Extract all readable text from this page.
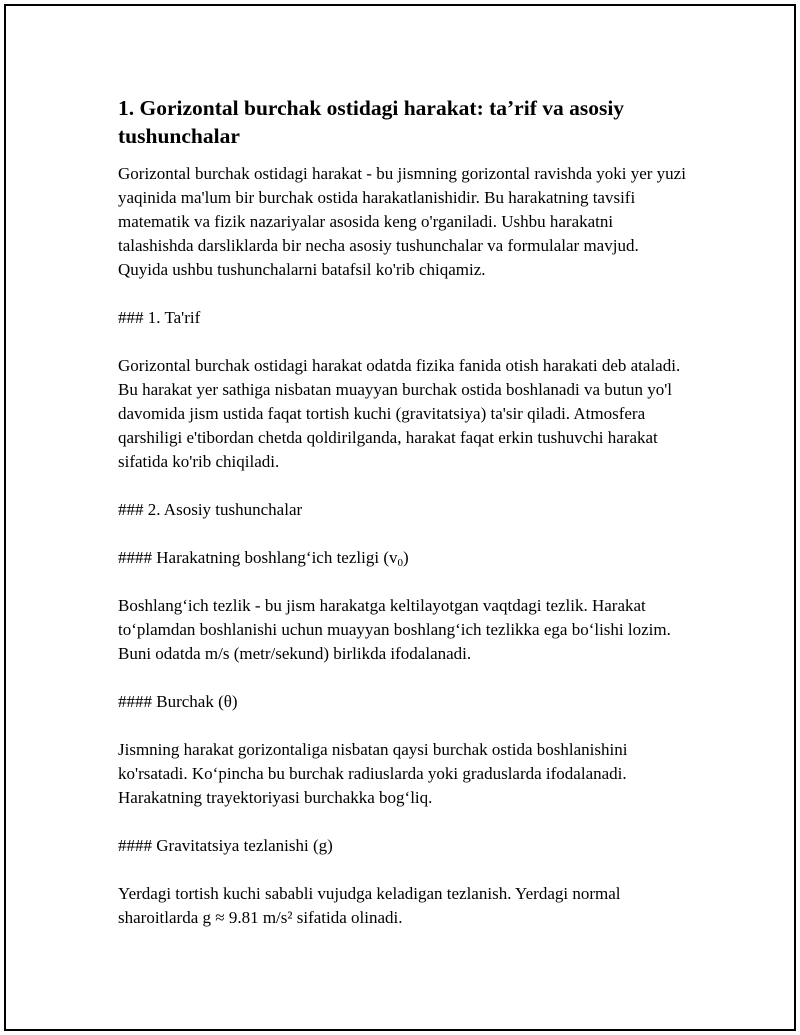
1. Gorizontal burchak ostidagi harakat: ta’rif va asosiy tushunchalar

Gorizontal burchak ostidagi harakat - bu jismning gorizontal ravishda yoki yer yuzi yaqinida ma'lum bir burchak ostida harakatlanishidir. Bu harakatning tavsifi matematik va fizik nazariyalar asosida keng o'rganiladi. Ushbu harakatni talashishda darsliklarda bir necha asosiy tushunchalar va formulalar mavjud. Quyida ushbu tushunchalarni batafsil ko'rib chiqamiz.

### 1. Ta'rif

Gorizontal burchak ostidagi harakat odatda fizika fanida otish harakati deb ataladi. Bu harakat yer sathiga nisbatan muayyan burchak ostida boshlanadi va butun yo'l davomida jism ustida faqat tortish kuchi (gravitatsiya) ta'sir qiladi. Atmosfera qarshiligi e'tibordan chetda qoldirilganda, harakat faqat erkin tushuvchi harakat sifatida ko'rib chiqiladi.

### 2. Asosiy tushunchalar

#### Harakatning boshlang‘ich tezligi $(v_0)$

Boshlang‘ich tezlik - bu jism harakatga keltilayotgan vaqtdagi tezlik. Harakat to‘plamdan boshlanishi uchun muayyan boshlang‘ich tezlikka ega bo‘lishi lozim. Buni odatda m/s (metr/sekund) birlikda ifodalanadi.

#### Burchak (θ)

Jismning harakat gorizontaliga nisbatan qaysi burchak ostida boshlanishini ko'rsatadi. Ko‘pincha bu burchak radiuslarda yoki graduslarda ifodalanadi. Harakatning trayektoriyasi burchakka bog‘liq.

#### Gravitatsiya tezlanishi (g)

Yerdagi tortish kuchi sababli vujudga keladigan tezlanish. Yerdagi normal sharoitlarda g ≈ 9.81 m/s² sifatida olinadi.
